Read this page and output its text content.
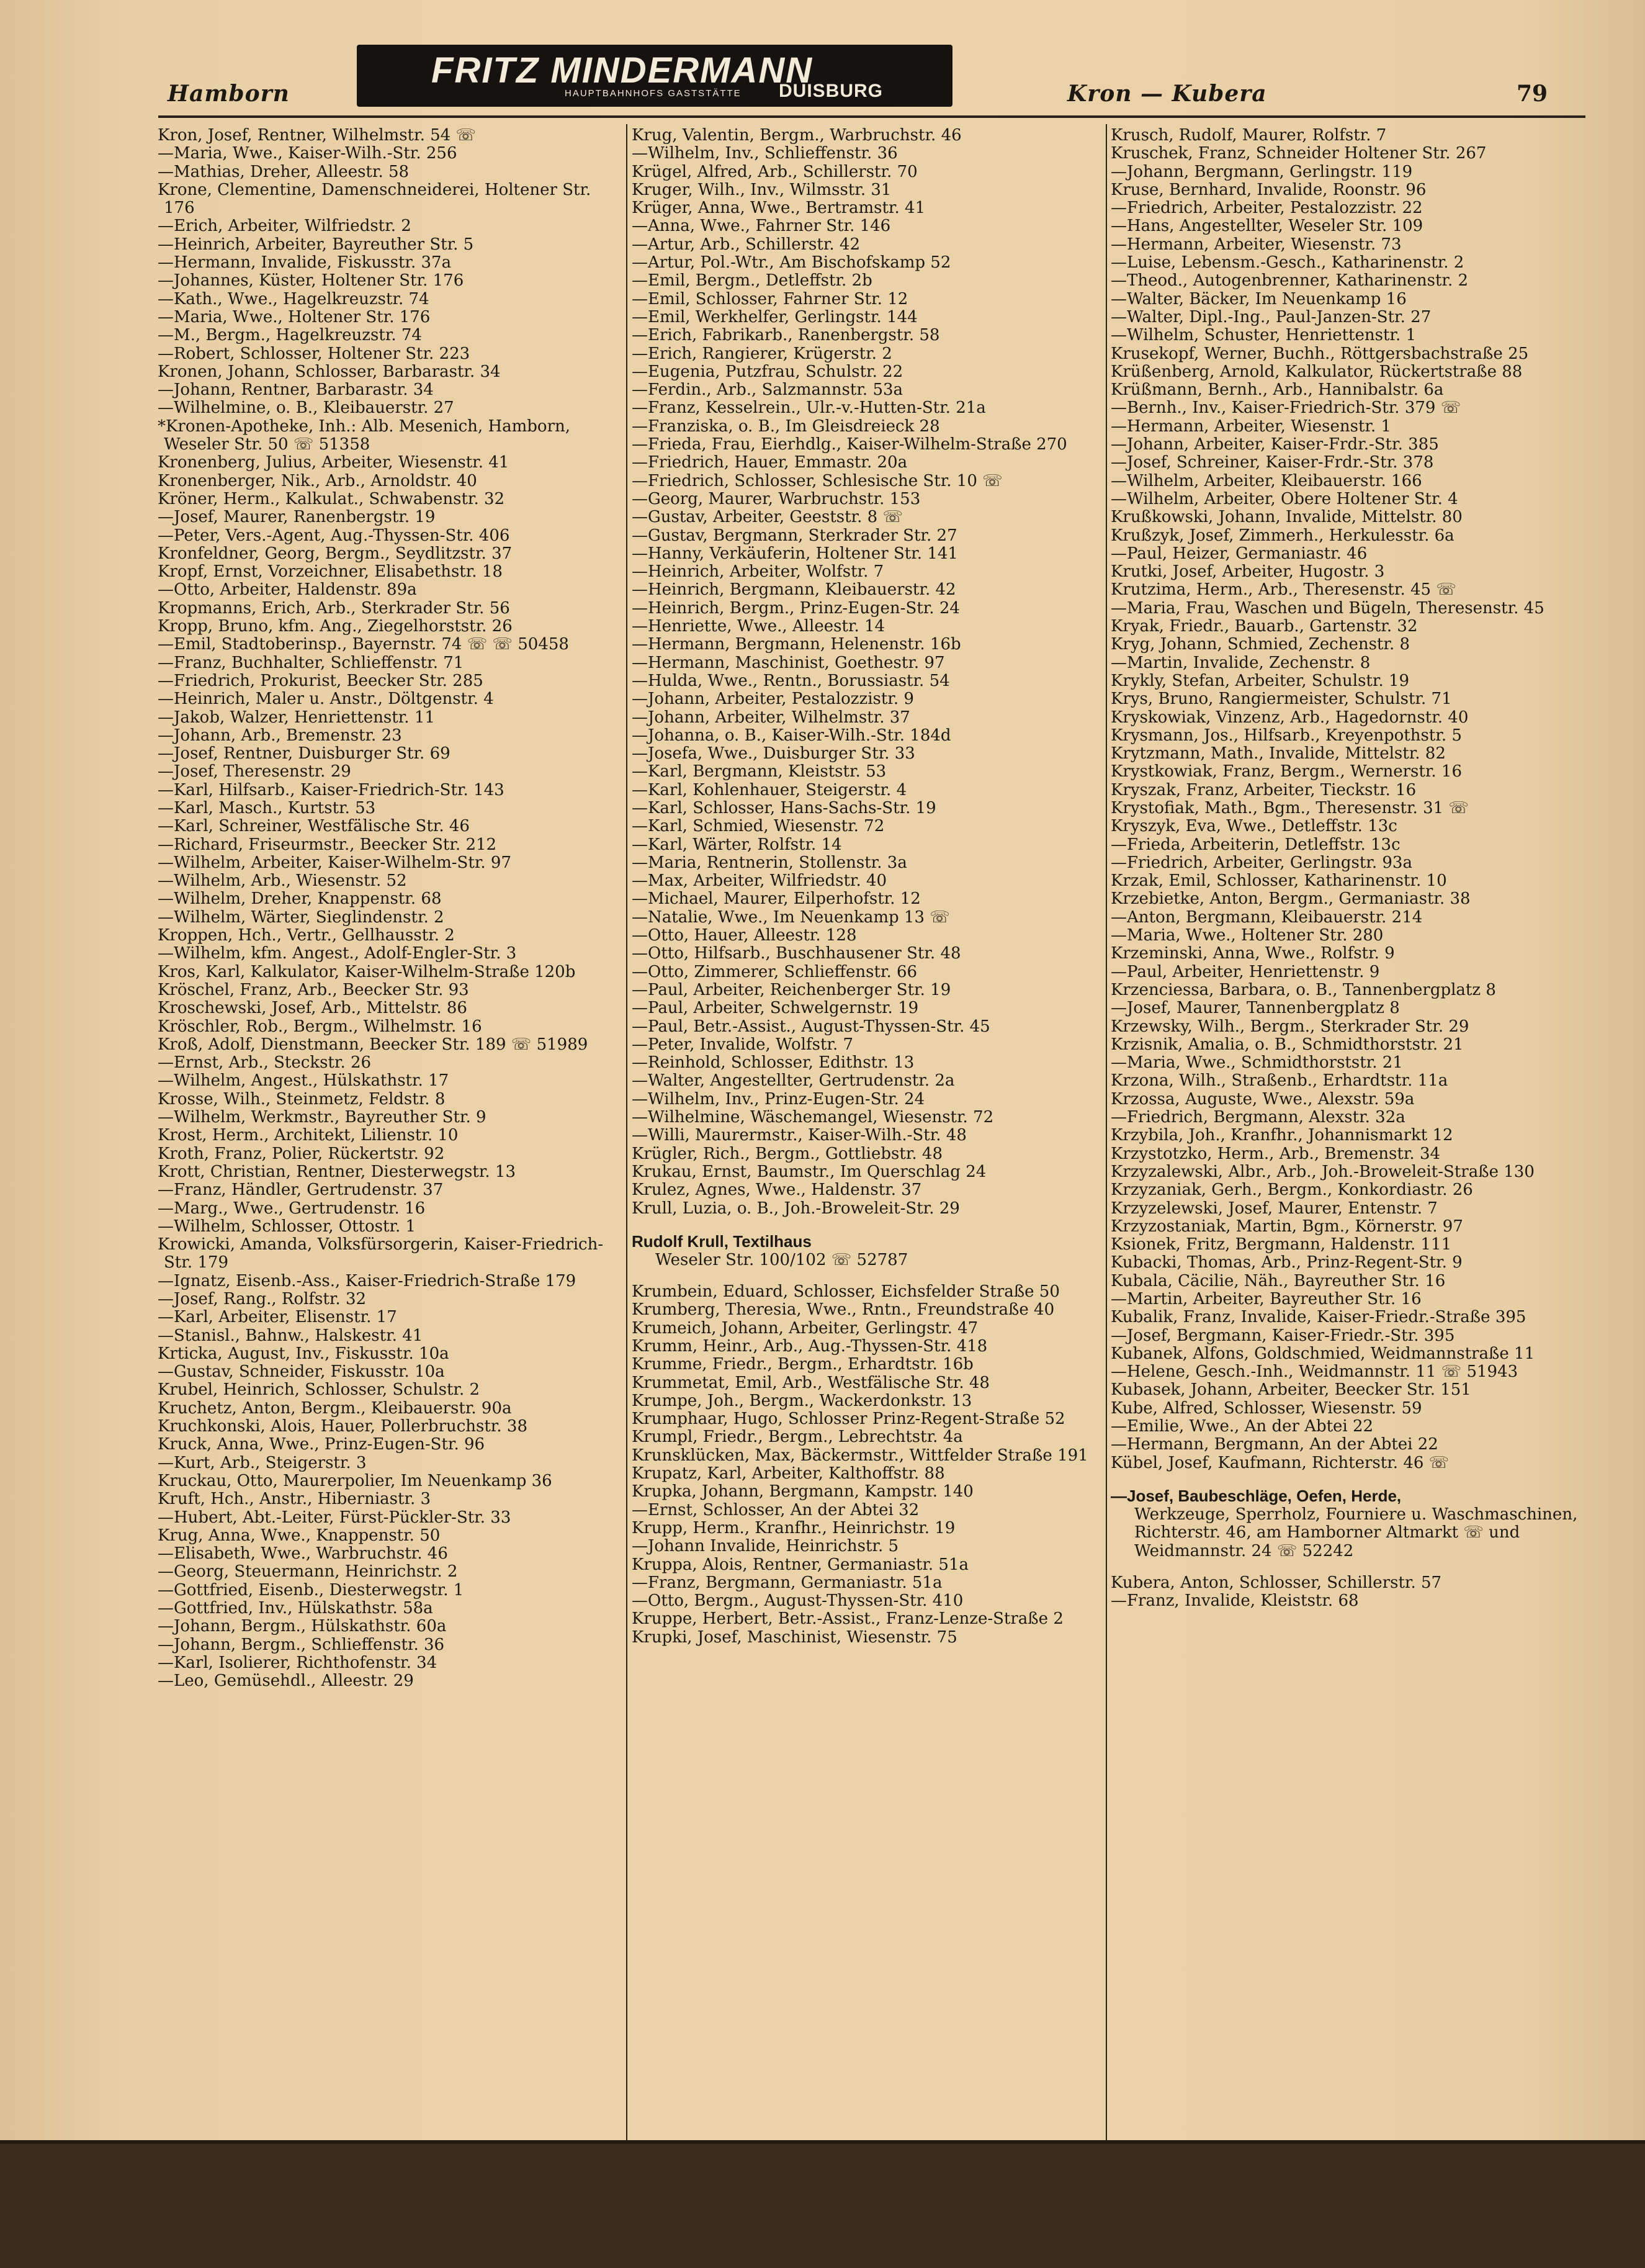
Hamborn
FRITZ MINDERMANN
HAUPTBAHNHOFS GASTSTÄTTE DUISBURG	Kron — Kubera	79
Kron, Josef, Rentner, Wilhelmstr. 54 ☏
—Maria, Wwe., Kaiser-Wilh.-Str. 256
—Mathias, Dreher, Alleestr. 58
Krone, Clementine, Damenschneiderei, Holtener Str. 176
—Erich, Arbeiter, Wilfriedstr. 2
—Heinrich, Arbeiter, Bayreuther Str. 5
—Hermann, Invalide, Fiskusstr. 37a
—Johannes, Küster, Holtener Str. 176
—Kath., Wwe., Hagelkreuzstr. 74
—Maria, Wwe., Holtener Str. 176
—M., Bergm., Hagelkreuzstr. 74
—Robert, Schlosser, Holtener Str. 223
Kronen, Johann, Schlosser, Barbarastr. 34
—Johann, Rentner, Barbarastr. 34
—Wilhelmine, o. B., Kleibauerstr. 27
*Kronen-Apotheke, Inh.: Alb. Mesenich, Hamborn, Weseler Str. 50 ☏ 51358
Kronenberg, Julius, Arbeiter, Wiesenstr. 41
Kronenberger, Nik., Arb., Arnoldstr. 40
Kröner, Herm., Kalkulat., Schwabenstr. 32
—Josef, Maurer, Ranenbergstr. 19
—Peter, Vers.-Agent, Aug.-Thyssen-Str. 406
Kronfeldner, Georg, Bergm., Seydlitzstr. 37
Kropf, Ernst, Vorzeichner, Elisabethstr. 18
—Otto, Arbeiter, Haldenstr. 89a
Kropmanns, Erich, Arb., Sterkrader Str. 56
Kropp, Bruno, kfm. Ang., Ziegelhorststr. 26
—Emil, Stadtoberinsp., Bayernstr. 74 ☏ ☏ 50458
—Franz, Buchhalter, Schlieffenstr. 71
—Friedrich, Prokurist, Beecker Str. 285
—Heinrich, Maler u. Anstr., Döltgenstr. 4
—Jakob, Walzer, Henriettenstr. 11
—Johann, Arb., Bremenstr. 23
—Josef, Rentner, Duisburger Str. 69
—Josef, Theresenstr. 29
—Karl, Hilfsarb., Kaiser-Friedrich-Str. 143
—Karl, Masch., Kurtstr. 53
—Karl, Schreiner, Westfälische Str. 46
—Richard, Friseurmstr., Beecker Str. 212
—Wilhelm, Arbeiter, Kaiser-Wilhelm-Str. 97
—Wilhelm, Arb., Wiesenstr. 52
—Wilhelm, Dreher, Knappenstr. 68
—Wilhelm, Wärter, Sieglindenstr. 2
Kroppen, Hch., Vertr., Gellhausstr. 2
—Wilhelm, kfm. Angest., Adolf-Engler-Str. 3
Kros, Karl, Kalkulator, Kaiser-Wilhelm-Straße 120b
Kröschel, Franz, Arb., Beecker Str. 93
Kroschewski, Josef, Arb., Mittelstr. 86
Kröschler, Rob., Bergm., Wilhelmstr. 16
Kroß, Adolf, Dienstmann, Beecker Str. 189 ☏ 51989
—Ernst, Arb., Steckstr. 26
—Wilhelm, Angest., Hülskathstr. 17
Krosse, Wilh., Steinmetz, Feldstr. 8
—Wilhelm, Werkmstr., Bayreuther Str. 9
Krost, Herm., Architekt, Lilienstr. 10
Kroth, Franz, Polier, Rückertstr. 92
Krott, Christian, Rentner, Diesterwegstr. 13
—Franz, Händler, Gertrudenstr. 37
—Marg., Wwe., Gertrudenstr. 16
—Wilhelm, Schlosser, Ottostr. 1
Krowicki, Amanda, Volksfürsorgerin, Kaiser-Friedrich-Str. 179
—Ignatz, Eisenb.-Ass., Kaiser-Friedrich-Straße 179
—Josef, Rang., Rolfstr. 32
—Karl, Arbeiter, Elisenstr. 17
—Stanisl., Bahnw., Halskestr. 41
Krticka, August, Inv., Fiskusstr. 10a
—Gustav, Schneider, Fiskusstr. 10a
Krubel, Heinrich, Schlosser, Schulstr. 2
Kruchetz, Anton, Bergm., Kleibauerstr. 90a
Kruchkonski, Alois, Hauer, Pollerbruchstr. 38
Kruck, Anna, Wwe., Prinz-Eugen-Str. 96
—Kurt, Arb., Steigerstr. 3
Kruckau, Otto, Maurerpolier, Im Neuenkamp 36
Kruft, Hch., Anstr., Hiberniastr. 3
—Hubert, Abt.-Leiter, Fürst-Pückler-Str. 33
Krug, Anna, Wwe., Knappenstr. 50
—Elisabeth, Wwe., Warbruchstr. 46
—Georg, Steuermann, Heinrichstr. 2
—Gottfried, Eisenb., Diesterwegstr. 1
—Gottfried, Inv., Hülskathstr. 58a
—Johann, Bergm., Hülskathstr. 60a
—Johann, Bergm., Schlieffenstr. 36
—Karl, Isolierer, Richthofenstr. 34
—Leo, Gemüsehdl., Alleestr. 29
Krug, Valentin, Bergm., Warbruchstr. 46
—Wilhelm, Inv., Schlieffenstr. 36
Krügel, Alfred, Arb., Schillerstr. 70
Kruger, Wilh., Inv., Wilmsstr. 31
Krüger, Anna, Wwe., Bertramstr. 41
—Anna, Wwe., Fahrner Str. 146
—Artur, Arb., Schillerstr. 42
—Artur, Pol.-Wtr., Am Bischofskamp 52
—Emil, Bergm., Detleffstr. 2b
—Emil, Schlosser, Fahrner Str. 12
—Emil, Werkhelfer, Gerlingstr. 144
—Erich, Fabrikarb., Ranenbergstr. 58
—Erich, Rangierer, Krügerstr. 2
—Eugenia, Putzfrau, Schulstr. 22
—Ferdin., Arb., Salzmannstr. 53a
—Franz, Kesselrein., Ulr.-v.-Hutten-Str. 21a
—Franziska, o. B., Im Gleisdreieck 28
—Frieda, Frau, Eierhdlg., Kaiser-Wilhelm-Straße 270
—Friedrich, Hauer, Emmastr. 20a
—Friedrich, Schlosser, Schlesische Str. 10 ☏
—Georg, Maurer, Warbruchstr. 153
—Gustav, Arbeiter, Geeststr. 8 ☏
—Gustav, Bergmann, Sterkrader Str. 27
—Hanny, Verkäuferin, Holtener Str. 141
—Heinrich, Arbeiter, Wolfstr. 7
—Heinrich, Bergmann, Kleibauerstr. 42
—Heinrich, Bergm., Prinz-Eugen-Str. 24
—Henriette, Wwe., Alleestr. 14
—Hermann, Bergmann, Helenenstr. 16b
—Hermann, Maschinist, Goethestr. 97
—Hulda, Wwe., Rentn., Borussiastr. 54
—Johann, Arbeiter, Pestalozzistr. 9
—Johann, Arbeiter, Wilhelmstr. 37
—Johanna, o. B., Kaiser-Wilh.-Str. 184d
—Josefa, Wwe., Duisburger Str. 33
—Karl, Bergmann, Kleiststr. 53
—Karl, Kohlenhauer, Steigerstr. 4
—Karl, Schlosser, Hans-Sachs-Str. 19
—Karl, Schmied, Wiesenstr. 72
—Karl, Wärter, Rolfstr. 14
—Maria, Rentnerin, Stollenstr. 3a
—Max, Arbeiter, Wilfriedstr. 40
—Michael, Maurer, Eilperhofstr. 12
—Natalie, Wwe., Im Neuenkamp 13 ☏
—Otto, Hauer, Alleestr. 128
—Otto, Hilfsarb., Buschhausener Str. 48
—Otto, Zimmerer, Schlieffenstr. 66
—Paul, Arbeiter, Reichenberger Str. 19
—Paul, Arbeiter, Schwelgernstr. 19
—Paul, Betr.-Assist., August-Thyssen-Str. 45
—Peter, Invalide, Wolfstr. 7
—Reinhold, Schlosser, Edithstr. 13
—Walter, Angestellter, Gertrudenstr. 2a
—Wilhelm, Inv., Prinz-Eugen-Str. 24
—Wilhelmine, Wäschemangel, Wiesenstr. 72
—Willi, Maurermstr., Kaiser-Wilh.-Str. 48
Krügler, Rich., Bergm., Gottliebstr. 48
Krukau, Ernst, Baumstr., Im Querschlag 24
Krulez, Agnes, Wwe., Haldenstr. 37
Krull, Luzia, o. B., Joh.-Broweleit-Str. 29
Rudolf Krull, Textilhaus
Weseler Str. 100/102 ☏ 52787
Krumbein, Eduard, Schlosser, Eichsfelder Straße 50
Krumberg, Theresia, Wwe., Rntn., Freundstraße 40
Krumeich, Johann, Arbeiter, Gerlingstr. 47
Krumm, Heinr., Arb., Aug.-Thyssen-Str. 418
Krumme, Friedr., Bergm., Erhardtstr. 16b
Krummetat, Emil, Arb., Westfälische Str. 48
Krumpe, Joh., Bergm., Wackerdonkstr. 13
Krumphaar, Hugo, Schlosser Prinz-Regent-Straße 52
Krumpl, Friedr., Bergm., Lebrechtstr. 4a
Krunsklücken, Max, Bäckermstr., Wittfelder Straße 191
Krupatz, Karl, Arbeiter, Kalthoffstr. 88
Krupka, Johann, Bergmann, Kampstr. 140
—Ernst, Schlosser, An der Abtei 32
Krupp, Herm., Kranfhr., Heinrichstr. 19
—Johann Invalide, Heinrichstr. 5
Kruppa, Alois, Rentner, Germaniastr. 51a
—Franz, Bergmann, Germaniastr. 51a
—Otto, Bergm., August-Thyssen-Str. 410
Kruppe, Herbert, Betr.-Assist., Franz-Lenze-Straße 2
Krupki, Josef, Maschinist, Wiesenstr. 75
Krusch, Rudolf, Maurer, Rolfstr. 7
Kruschek, Franz, Schneider Holtener Str. 267
—Johann, Bergmann, Gerlingstr. 119
Kruse, Bernhard, Invalide, Roonstr. 96
—Friedrich, Arbeiter, Pestalozzistr. 22
—Hans, Angestellter, Weseler Str. 109
—Hermann, Arbeiter, Wiesenstr. 73
—Luise, Lebensm.-Gesch., Katharinenstr. 2
—Theod., Autogenbrenner, Katharinenstr. 2
—Walter, Bäcker, Im Neuenkamp 16
—Walter, Dipl.-Ing., Paul-Janzen-Str. 27
—Wilhelm, Schuster, Henriettenstr. 1
Krusekopf, Werner, Buchh., Röttgersbachstraße 25
Krüßenberg, Arnold, Kalkulator, Rückertstraße 88
Krüßmann, Bernh., Arb., Hannibalstr. 6a
—Bernh., Inv., Kaiser-Friedrich-Str. 379 ☏
—Hermann, Arbeiter, Wiesenstr. 1
—Johann, Arbeiter, Kaiser-Frdr.-Str. 385
—Josef, Schreiner, Kaiser-Frdr.-Str. 378
—Wilhelm, Arbeiter, Kleibauerstr. 166
—Wilhelm, Arbeiter, Obere Holtener Str. 4
Krußkowski, Johann, Invalide, Mittelstr. 80
Krußzyk, Josef, Zimmerh., Herkulesstr. 6a
—Paul, Heizer, Germaniastr. 46
Krutki, Josef, Arbeiter, Hugostr. 3
Krutzima, Herm., Arb., Theresenstr. 45 ☏
—Maria, Frau, Waschen und Bügeln, Theresenstr. 45
Kryak, Friedr., Bauarb., Gartenstr. 32
Kryg, Johann, Schmied, Zechenstr. 8
—Martin, Invalide, Zechenstr. 8
Krykly, Stefan, Arbeiter, Schulstr. 19
Krys, Bruno, Rangiermeister, Schulstr. 71
Kryskowiak, Vinzenz, Arb., Hagedornstr. 40
Krysmann, Jos., Hilfsarb., Kreyenpothstr. 5
Krytzmann, Math., Invalide, Mittelstr. 82
Krystkowiak, Franz, Bergm., Wernerstr. 16
Kryszak, Franz, Arbeiter, Tieckstr. 16
Krystofiak, Math., Bgm., Theresenstr. 31 ☏
Kryszyk, Eva, Wwe., Detleffstr. 13c
—Frieda, Arbeiterin, Detleffstr. 13c
—Friedrich, Arbeiter, Gerlingstr. 93a
Krzak, Emil, Schlosser, Katharinenstr. 10
Krzebietke, Anton, Bergm., Germaniastr. 38
—Anton, Bergmann, Kleibauerstr. 214
—Maria, Wwe., Holtener Str. 280
Krzeminski, Anna, Wwe., Rolfstr. 9
—Paul, Arbeiter, Henriettenstr. 9
Krzenciessa, Barbara, o. B., Tannenbergplatz 8
—Josef, Maurer, Tannenbergplatz 8
Krzewsky, Wilh., Bergm., Sterkrader Str. 29
Krzisnik, Amalia, o. B., Schmidthorststr. 21
—Maria, Wwe., Schmidthorststr. 21
Krzona, Wilh., Straßenb., Erhardtstr. 11a
Krzossa, Auguste, Wwe., Alexstr. 59a
—Friedrich, Bergmann, Alexstr. 32a
Krzybila, Joh., Kranfhr., Johannismarkt 12
Krzystotzko, Herm., Arb., Bremenstr. 34
Krzyzalewski, Albr., Arb., Joh.-Broweleit-Straße 130
Krzyzaniak, Gerh., Bergm., Konkordiastr. 26
Krzyzelewski, Josef, Maurer, Entenstr. 7
Krzyzostaniak, Martin, Bgm., Körnerstr. 97
Ksionek, Fritz, Bergmann, Haldenstr. 111
Kubacki, Thomas, Arb., Prinz-Regent-Str. 9
Kubala, Cäcilie, Näh., Bayreuther Str. 16
—Martin, Arbeiter, Bayreuther Str. 16
Kubalik, Franz, Invalide, Kaiser-Friedr.-Straße 395
—Josef, Bergmann, Kaiser-Friedr.-Str. 395
Kubanek, Alfons, Goldschmied, Weidmannstraße 11
—Helene, Gesch.-Inh., Weidmannstr. 11 ☏ 51943
Kubasek, Johann, Arbeiter, Beecker Str. 151
Kube, Alfred, Schlosser, Wiesenstr. 59
—Emilie, Wwe., An der Abtei 22
—Hermann, Bergmann, An der Abtei 22
Kübel, Josef, Kaufmann, Richterstr. 46 ☏
—Josef, Baubeschläge, Oefen, Herde,
Werkzeuge, Sperrholz, Fourniere u. Waschmaschinen, Richterstr. 46, am Hamborner Altmarkt ☏ und Weidmannstr. 24 ☏ 52242
Kubera, Anton, Schlosser, Schillerstr. 57
—Franz, Invalide, Kleiststr. 68
